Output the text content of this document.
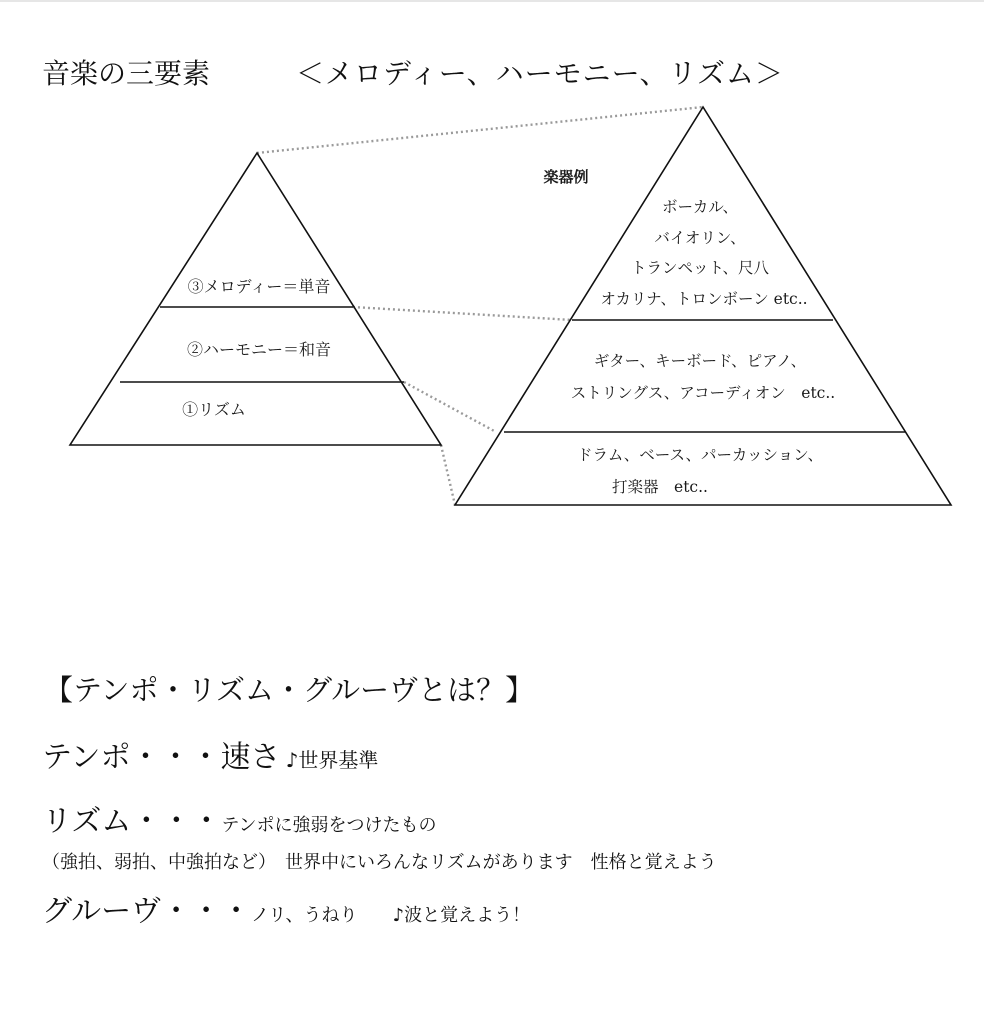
音楽の三要素	＜メロディー、ハーモニー、リズム＞
③メロディー＝単音
②ハーモニー＝和音
①リズム
楽器例
ボーカル、
バイオリン、
トランペット、尺八
オカリナ、トロンボーン etc..
ギター、キーボード、ピアノ、
ストリングス、アコーディオン　etc..
ドラム、ベース、パーカッション、
打楽器　etc..
【テンポ・リズム・グルーヴとは？】
テンポ・・・速さ ♪世界基準
リズム・・・テンポに強弱をつけたもの
（強拍、弱拍、中強拍など）　世界中にいろんなリズムがあります　性格と覚えよう
グルーヴ・・・ノリ、うねり ♪波と覚えよう！
